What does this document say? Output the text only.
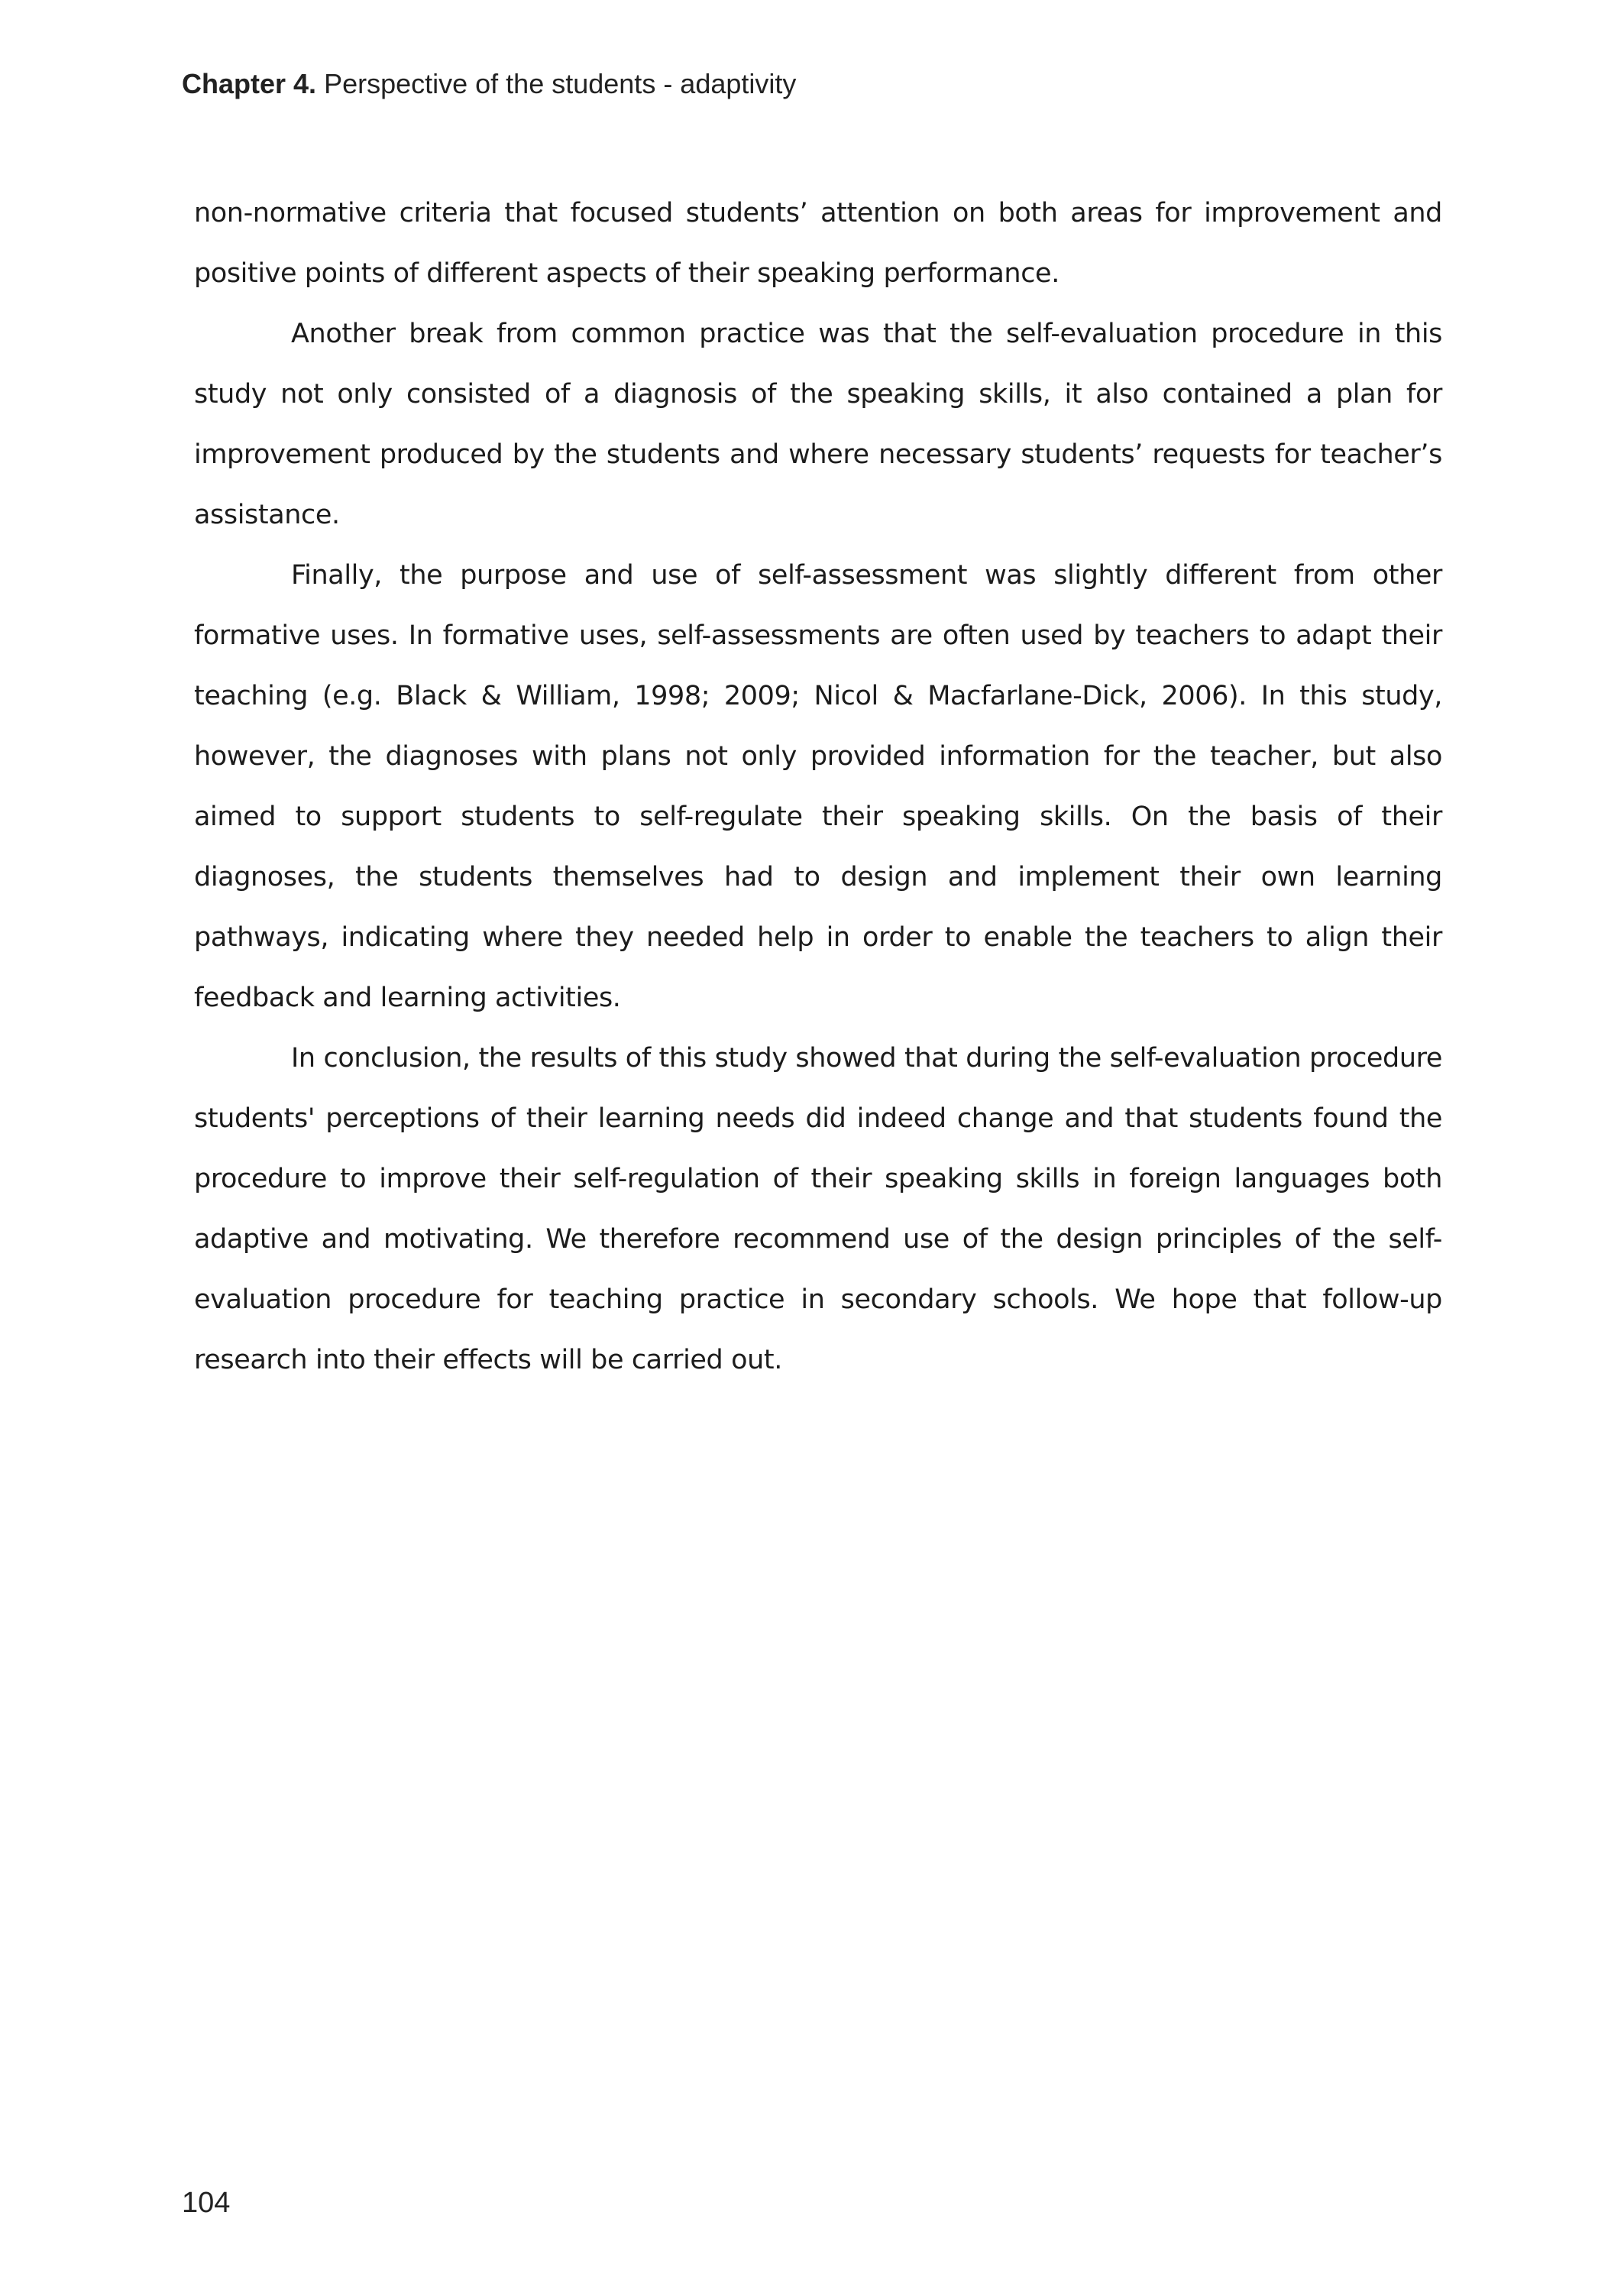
Chapter 4. Perspective of the students - adaptivity

non-normative criteria that focused students’ attention on both areas for improvement and positive points of different aspects of their speaking performance.

Another break from common practice was that the self-evaluation procedure in this study not only consisted of a diagnosis of the speaking skills, it also contained a plan for improvement produced by the students and where necessary students’ requests for teacher’s assistance.

Finally, the purpose and use of self-assessment was slightly different from other formative uses. In formative uses, self-assessments are often used by teachers to adapt their teaching (e.g. Black & William, 1998; 2009; Nicol & Macfarlane-Dick, 2006). In this study, however, the diagnoses with plans not only provided information for the teacher, but also aimed to support students to self-regulate their speaking skills. On the basis of their diagnoses, the students themselves had to design and implement their own learning pathways, indicating where they needed help in order to enable the teachers to align their feedback and learning activities.

In conclusion, the results of this study showed that during the self-evaluation procedure students' perceptions of their learning needs did indeed change and that students found the procedure to improve their self-regulation of their speaking skills in foreign languages both adaptive and motivating. We therefore recommend use of the design principles of the self-evaluation procedure for teaching practice in secondary schools. We hope that follow-up research into their effects will be carried out.

104
